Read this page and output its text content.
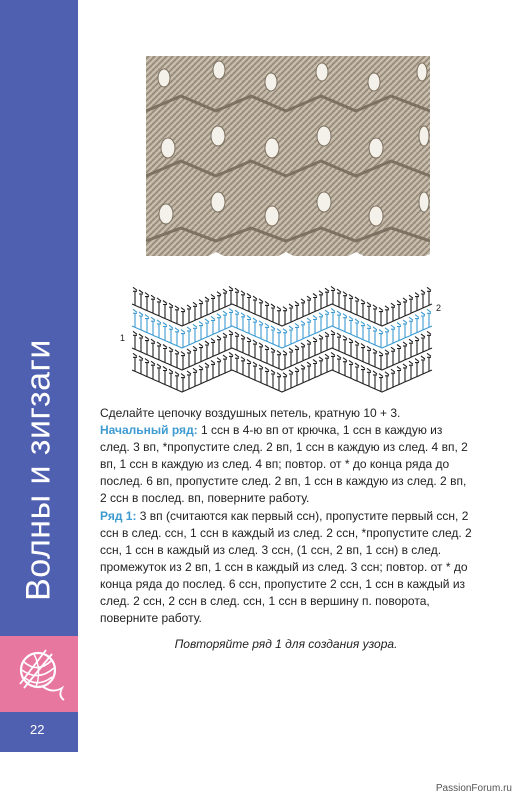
Волны и зигзаги
22
1
2

Сделайте цепочку воздушных петель, кратную 10 + 3.

Начальный ряд: 1 ссн в 4-ю вп от крючка, 1 ссн в каждую из след. 3 вп, *пропустите след. 2 вп, 1 ссн в каждую из след. 4 вп, 2 вп, 1 ссн в каждую из след. 4 вп; повтор. от * до конца ряда до послед. 6 вп, пропустите след. 2 вп, 1 ссн в каждую из след. 2 вп, 2 ссн в послед. вп, поверните работу.

Ряд 1: 3 вп (считаются как первый ссн), пропустите первый ссн, 2 ссн в след. ссн, 1 ссн в каждый из след. 2 ссн, *пропустите след. 2 ссн, 1 ссн в каждый из след. 3 ссн, (1 ссн, 2 вп, 1 ссн) в след. промежуток из 2 вп, 1 ссн в каждый из след. 3 ссн; повтор. от * до конца ряда до послед. 6 ссн, пропустите 2 ссн, 1 ссн в каждый из след. 2 ссн, 2 ссн в след. ссн, 1 ссн в вершину п. поворота, поверните работу.

Повторяйте ряд 1 для создания узора.

PassionForum.ru
